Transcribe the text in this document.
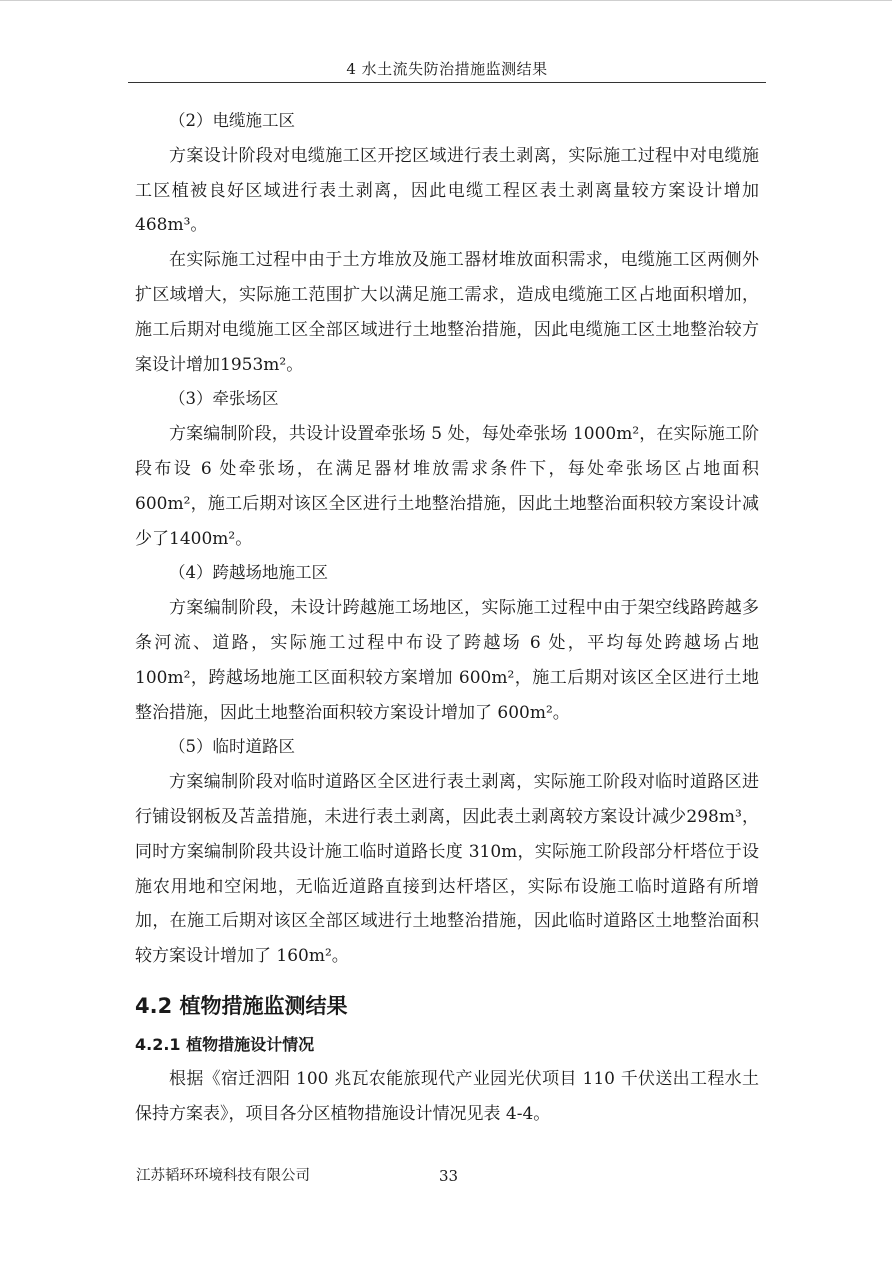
4 水土流失防治措施监测结果

（2）电缆施工区

方案设计阶段对电缆施工区开挖区域进行表土剥离，实际施工过程中对电缆施工区植被良好区域进行表土剥离，因此电缆工程区表土剥离量较方案设计增加468m³。

在实际施工过程中由于土方堆放及施工器材堆放面积需求，电缆施工区两侧外扩区域增大，实际施工范围扩大以满足施工需求，造成电缆施工区占地面积增加，施工后期对电缆施工区全部区域进行土地整治措施，因此电缆施工区土地整治较方案设计增加1953m²。

（3）牵张场区

方案编制阶段，共设计设置牵张场 5 处，每处牵张场 1000m²，在实际施工阶段布设 6 处牵张场，在满足器材堆放需求条件下，每处牵张场区占地面积 600m²，施工后期对该区全区进行土地整治措施，因此土地整治面积较方案设计减少了1400m²。

（4）跨越场地施工区

方案编制阶段，未设计跨越施工场地区，实际施工过程中由于架空线路跨越多条河流、道路，实际施工过程中布设了跨越场 6 处，平均每处跨越场占地 100m²，跨越场地施工区面积较方案增加 600m²，施工后期对该区全区进行土地整治措施，因此土地整治面积较方案设计增加了 600m²。

（5）临时道路区

方案编制阶段对临时道路区全区进行表土剥离，实际施工阶段对临时道路区进行铺设钢板及苫盖措施，未进行表土剥离，因此表土剥离较方案设计减少298m³，同时方案编制阶段共设计施工临时道路长度 310m，实际施工阶段部分杆塔位于设施农用地和空闲地，无临近道路直接到达杆塔区，实际布设施工临时道路有所增加，在施工后期对该区全部区域进行土地整治措施，因此临时道路区土地整治面积较方案设计增加了 160m²。

4.2 植物措施监测结果
4.2.1 植物措施设计情况

根据《宿迁泗阳 100 兆瓦农能旅现代产业园光伏项目 110 千伏送出工程水土保持方案表》，项目各分区植物措施设计情况见表 4-4。

江苏韬环环境科技有限公司	33
